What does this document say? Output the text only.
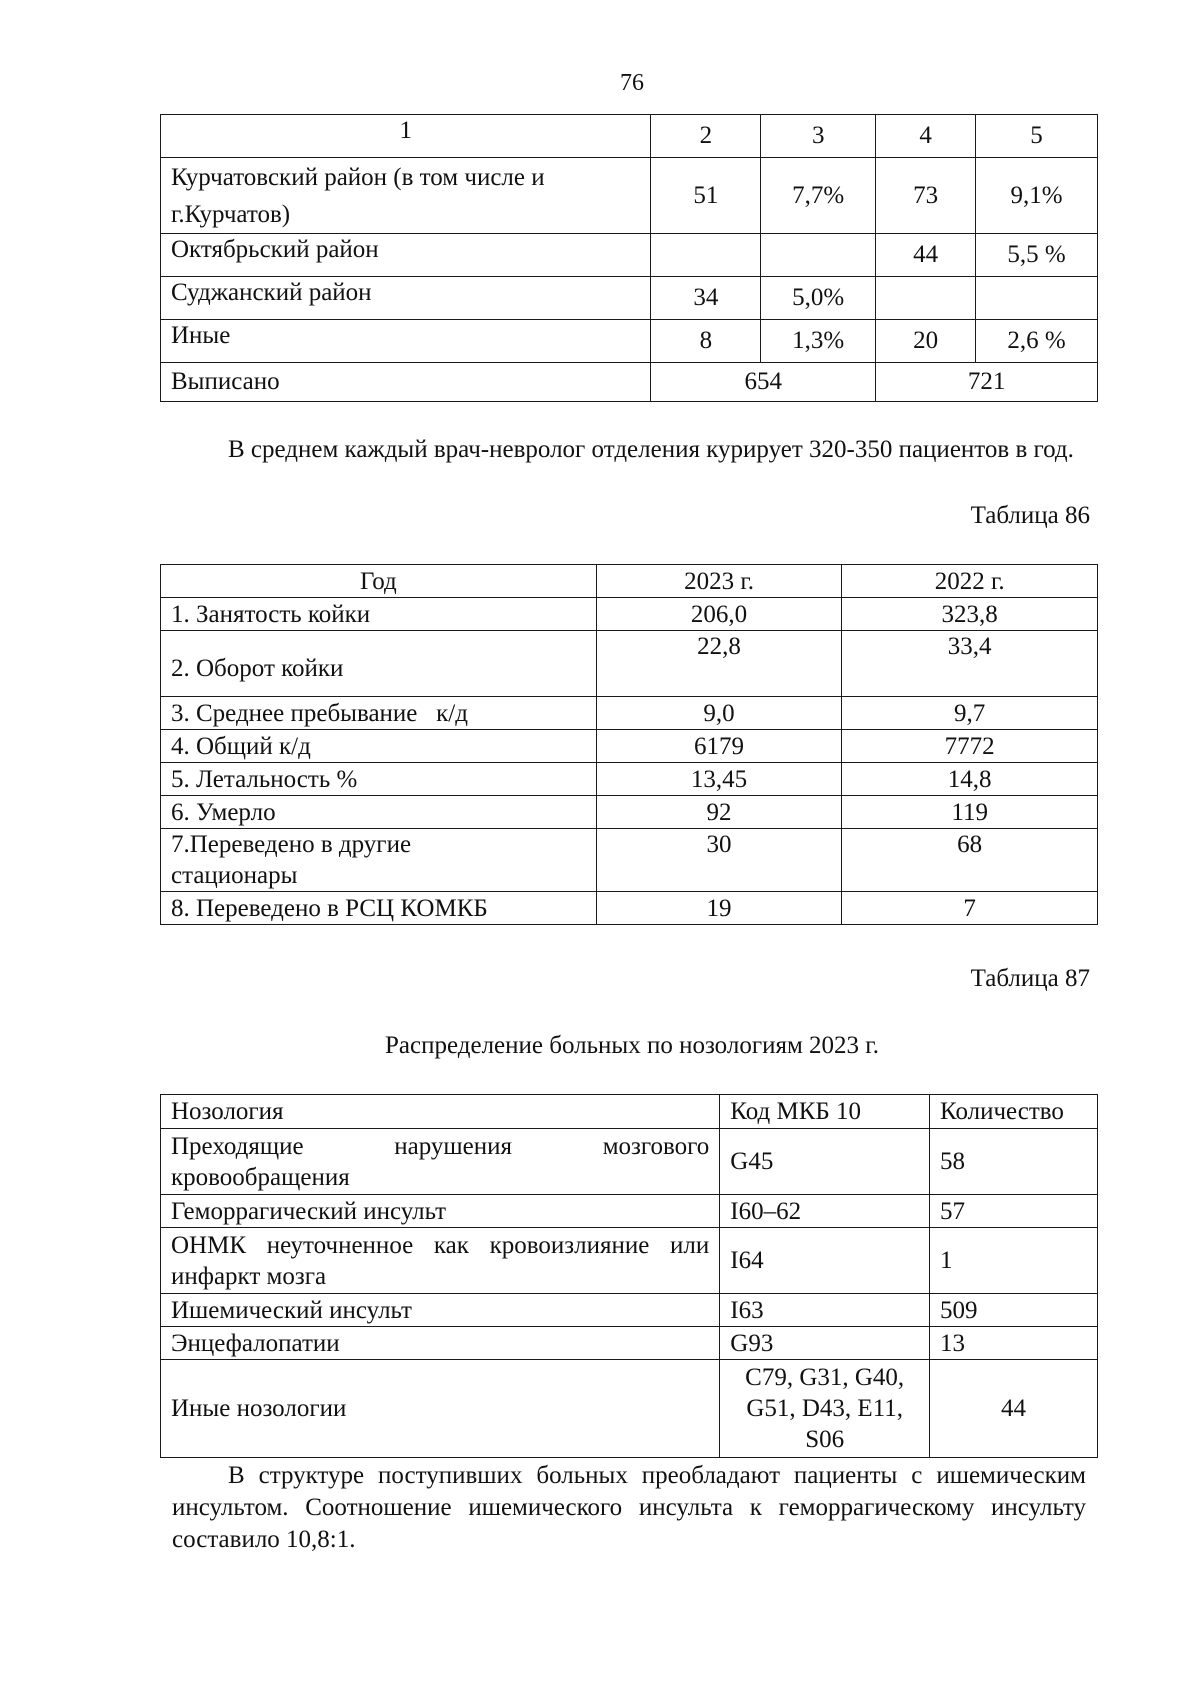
76
1	2	3	4	5
Курчатовский район (в том числе и г.Курчатов)	51	7,7%	73	9,1%
Октябрьский район			44	5,5 %
Суджанский район	34	5,0%		
Иные	8	1,3%	20	2,6 %
Выписано	654		721	

В среднем каждый врач-невролог отделения курирует 320-350 пациентов в год.

Таблица 86
Год	2023 г.	2022 г.
1. Занятость койки	206,0	323,8
2. Оборот койки	22,8	33,4
3. Среднее пребывание   к/д	9,0	9,7
4. Общий к/д	6179	7772
5. Летальность %	13,45	14,8
6. Умерло	92	119
7.Переведено в другие стационары	30	68
8. Переведено в РСЦ КОМКБ	19	7
Таблица 87
Распределение больных по нозологиям 2023 г.
Нозология	Код МКБ 10	Количество
Преходящие нарушения мозгового кровообращения	G45	58
Геморрагический инсульт	I60–62	57
ОНМК неуточненное как кровоизлияние или инфаркт мозга	I64	1
Ишемический инсульт	I63	509
Энцефалопатии	G93	13
Иные нозологии	C79, G31, G40, G51, D43, E11, S06	44

В структуре поступивших больных преобладают пациенты с ишемическим инсультом. Соотношение ишемического инсульта к геморрагическому инсульту составило 10,8:1.
